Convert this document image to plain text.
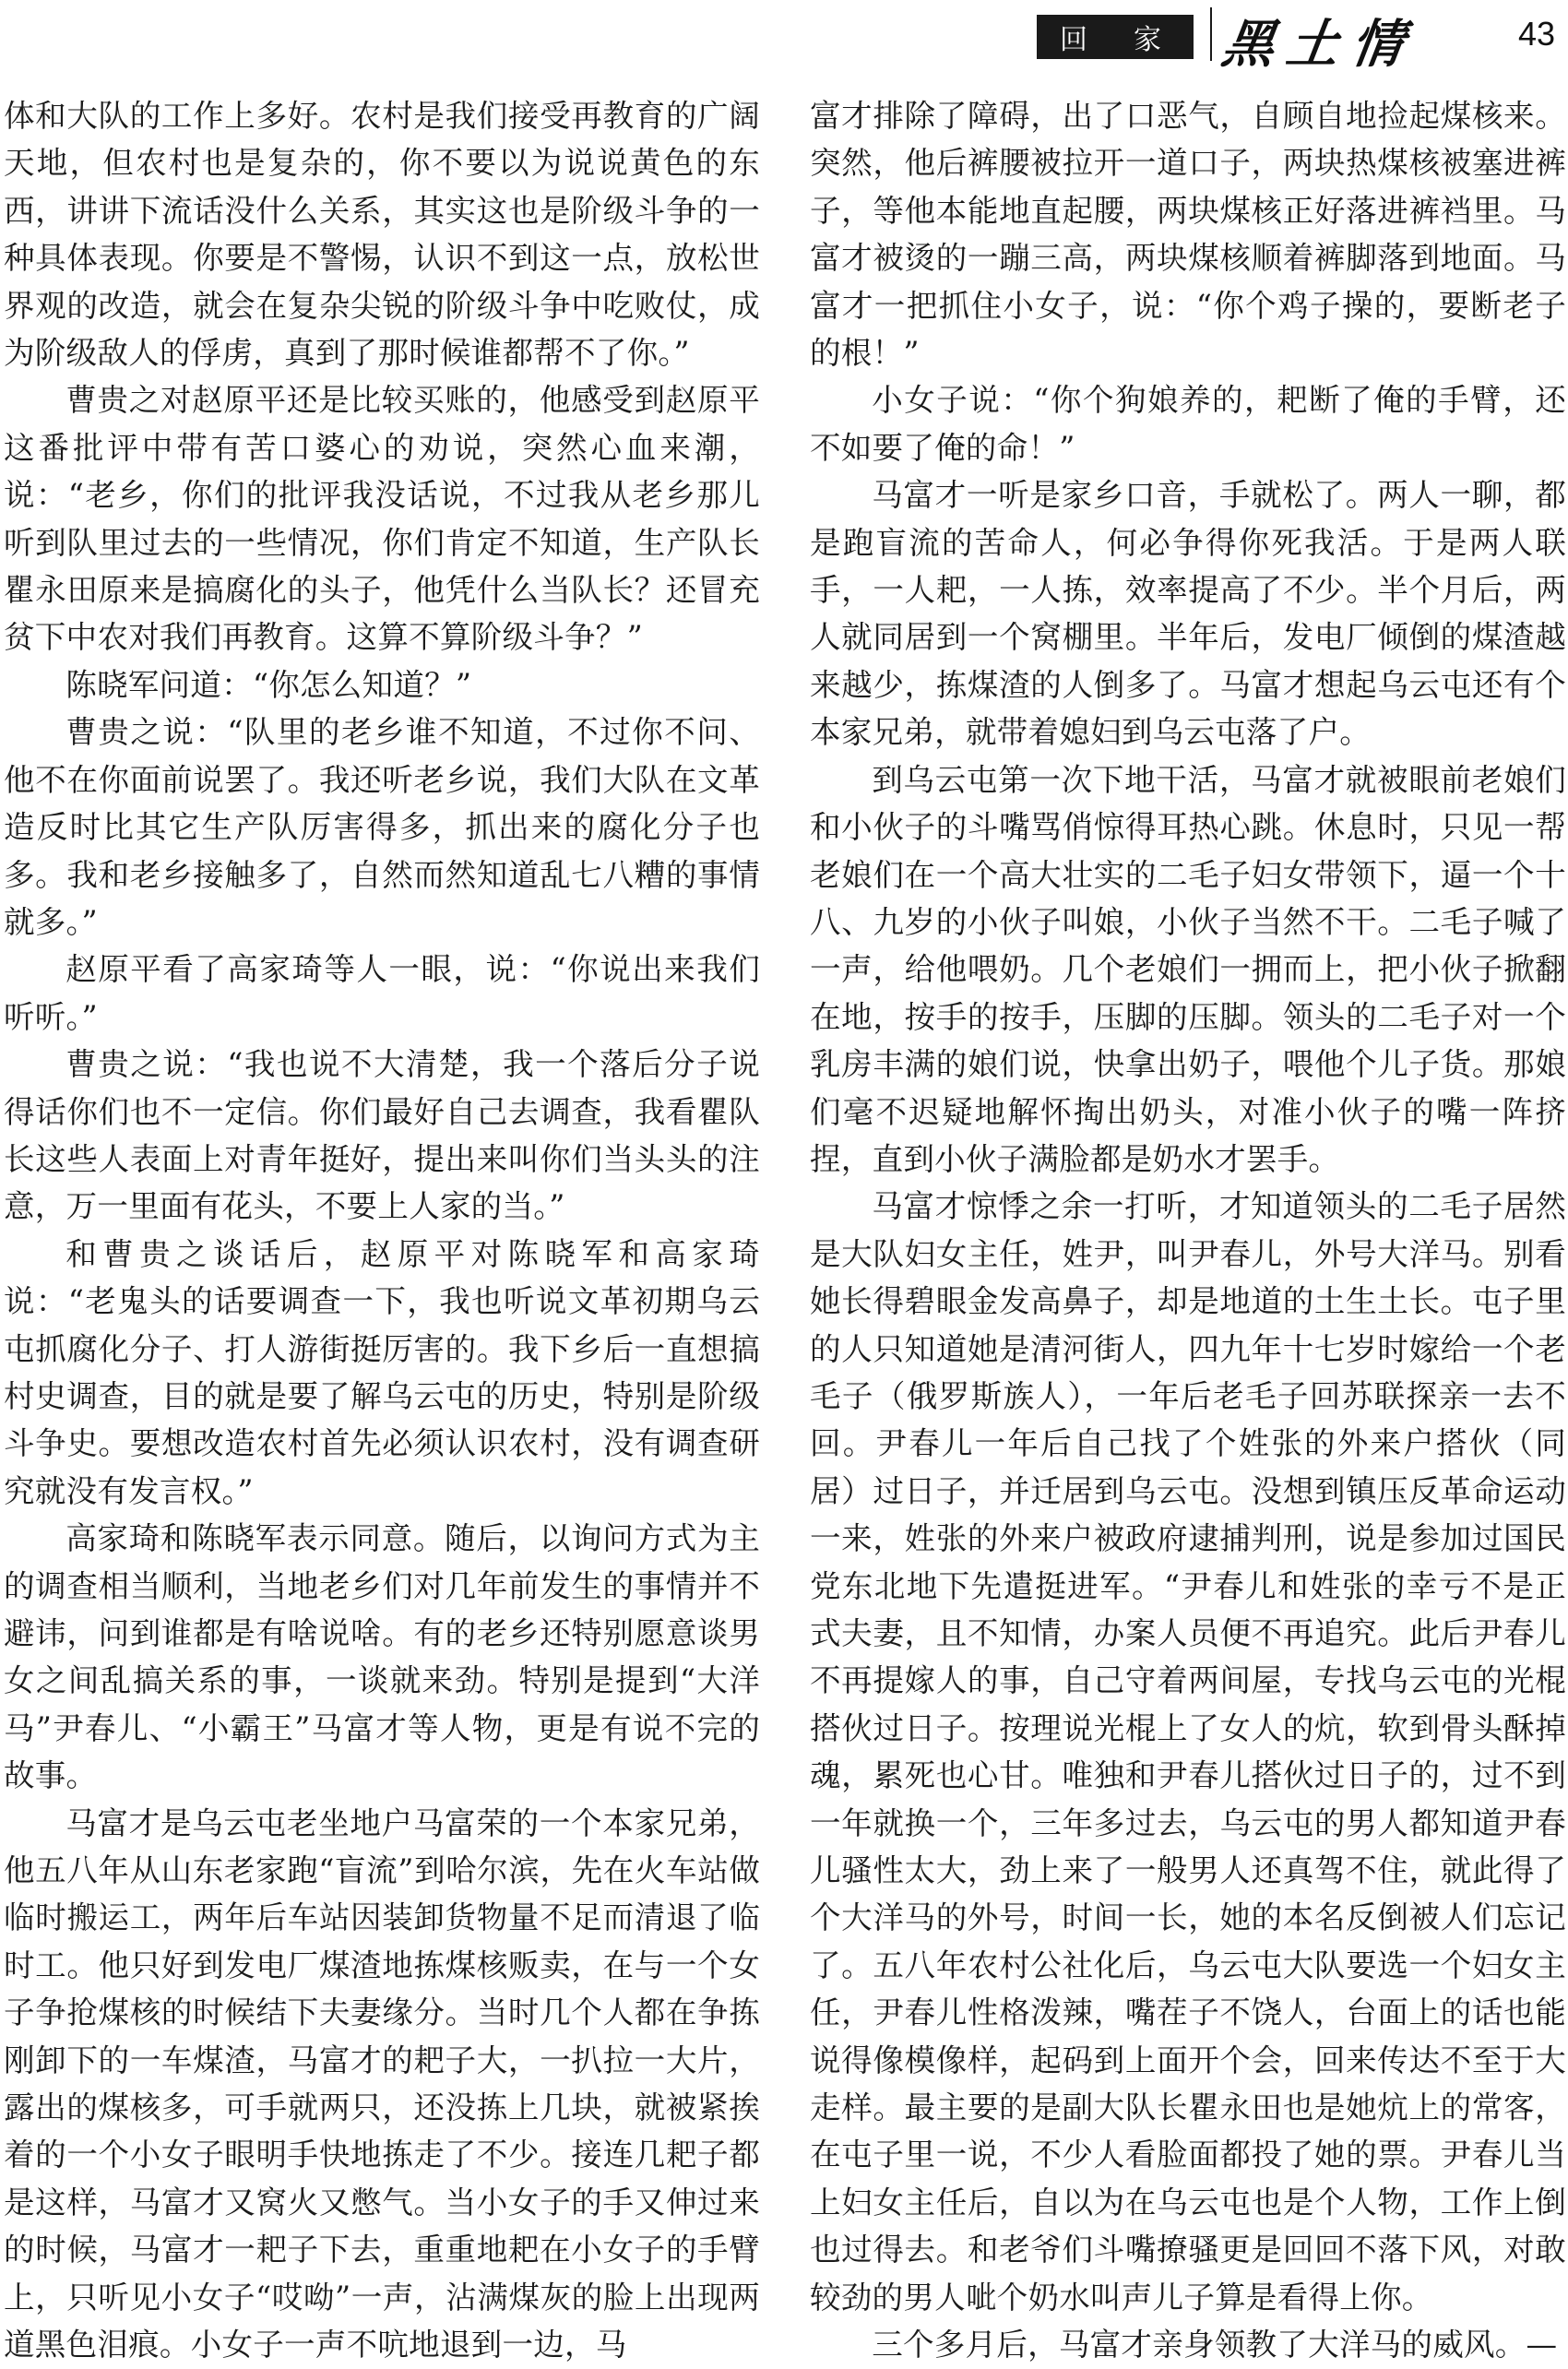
回　家 黑土情	43

体和大队的工作上多好。农村是我们接受再教育的广阔天地，但农村也是复杂的，你不要以为说说黄色的东西，讲讲下流话没什么关系，其实这也是阶级斗争的一种具体表现。你要是不警惕，认识不到这一点，放松世界观的改造，就会在复杂尖锐的阶级斗争中吃败仗，成为阶级敌人的俘虏，真到了那时候谁都帮不了你。”

曹贵之对赵原平还是比较买账的，他感受到赵原平这番批评中带有苦口婆心的劝说，突然心血来潮，说：“老乡，你们的批评我没话说，不过我从老乡那儿听到队里过去的一些情况，你们肯定不知道，生产队长瞿永田原来是搞腐化的头子，他凭什么当队长？还冒充贫下中农对我们再教育。这算不算阶级斗争？”

陈晓军问道：“你怎么知道？”

曹贵之说：“队里的老乡谁不知道，不过你不问、他不在你面前说罢了。我还听老乡说，我们大队在文革造反时比其它生产队厉害得多，抓出来的腐化分子也多。我和老乡接触多了，自然而然知道乱七八糟的事情就多。”

赵原平看了高家琦等人一眼，说：“你说出来我们听听。”

曹贵之说：“我也说不大清楚，我一个落后分子说得话你们也不一定信。你们最好自己去调查，我看瞿队长这些人表面上对青年挺好，提出来叫你们当头头的注意，万一里面有花头，不要上人家的当。”

和曹贵之谈话后，赵原平对陈晓军和高家琦说：“老鬼头的话要调查一下，我也听说文革初期乌云屯抓腐化分子、打人游街挺厉害的。我下乡后一直想搞村史调查，目的就是要了解乌云屯的历史，特别是阶级斗争史。要想改造农村首先必须认识农村，没有调查研究就没有发言权。”

高家琦和陈晓军表示同意。随后，以询问方式为主的调查相当顺利，当地老乡们对几年前发生的事情并不避讳，问到谁都是有啥说啥。有的老乡还特别愿意谈男女之间乱搞关系的事，一谈就来劲。特别是提到“大洋马”尹春儿、“小霸王”马富才等人物，更是有说不完的故事。

马富才是乌云屯老坐地户马富荣的一个本家兄弟，他五八年从山东老家跑“盲流”到哈尔滨，先在火车站做临时搬运工，两年后车站因装卸货物量不足而清退了临时工。他只好到发电厂煤渣地拣煤核贩卖，在与一个女子争抢煤核的时候结下夫妻缘分。当时几个人都在争拣刚卸下的一车煤渣，马富才的耙子大，一扒拉一大片，露出的煤核多，可手就两只，还没拣上几块，就被紧挨着的一个小女子眼明手快地拣走了不少。接连几耙子都是这样，马富才又窝火又憋气。当小女子的手又伸过来的时候，马富才一耙子下去，重重地耙在小女子的手臂上，只听见小女子“哎呦”一声，沾满煤灰的脸上出现两道黑色泪痕。小女子一声不吭地退到一边，马

富才排除了障碍，出了口恶气，自顾自地捡起煤核来。突然，他后裤腰被拉开一道口子，两块热煤核被塞进裤子，等他本能地直起腰，两块煤核正好落进裤裆里。马富才被烫的一蹦三高，两块煤核顺着裤脚落到地面。马富才一把抓住小女子，说：“你个鸡子操的，要断老子的根！”

小女子说：“你个狗娘养的，耙断了俺的手臂，还不如要了俺的命！”

马富才一听是家乡口音，手就松了。两人一聊，都是跑盲流的苦命人，何必争得你死我活。于是两人联手，一人耙，一人拣，效率提高了不少。半个月后，两人就同居到一个窝棚里。半年后，发电厂倾倒的煤渣越来越少，拣煤渣的人倒多了。马富才想起乌云屯还有个本家兄弟，就带着媳妇到乌云屯落了户。

到乌云屯第一次下地干活，马富才就被眼前老娘们和小伙子的斗嘴骂俏惊得耳热心跳。休息时，只见一帮老娘们在一个高大壮实的二毛子妇女带领下，逼一个十八、九岁的小伙子叫娘，小伙子当然不干。二毛子喊了一声，给他喂奶。几个老娘们一拥而上，把小伙子掀翻在地，按手的按手，压脚的压脚。领头的二毛子对一个乳房丰满的娘们说，快拿出奶子，喂他个儿子货。那娘们毫不迟疑地解怀掏出奶头，对准小伙子的嘴一阵挤捏，直到小伙子满脸都是奶水才罢手。

马富才惊悸之余一打听，才知道领头的二毛子居然是大队妇女主任，姓尹，叫尹春儿，外号大洋马。别看她长得碧眼金发高鼻子，却是地道的土生土长。屯子里的人只知道她是清河街人，四九年十七岁时嫁给一个老毛子（俄罗斯族人），一年后老毛子回苏联探亲一去不回。尹春儿一年后自己找了个姓张的外来户搭伙（同居）过日子，并迁居到乌云屯。没想到镇压反革命运动一来，姓张的外来户被政府逮捕判刑，说是参加过国民党东北地下先遣挺进军。“尹春儿和姓张的幸亏不是正式夫妻，且不知情，办案人员便不再追究。此后尹春儿不再提嫁人的事，自己守着两间屋，专找乌云屯的光棍搭伙过日子。按理说光棍上了女人的炕，软到骨头酥掉魂，累死也心甘。唯独和尹春儿搭伙过日子的，过不到一年就换一个，三年多过去，乌云屯的男人都知道尹春儿骚性太大，劲上来了一般男人还真驾不住，就此得了个大洋马的外号，时间一长，她的本名反倒被人们忘记了。五八年农村公社化后，乌云屯大队要选一个妇女主任，尹春儿性格泼辣，嘴茬子不饶人，台面上的话也能说得像模像样，起码到上面开个会，回来传达不至于大走样。最主要的是副大队长瞿永田也是她炕上的常客，在屯子里一说，不少人看脸面都投了她的票。尹春儿当上妇女主任后，自以为在乌云屯也是个人物，工作上倒也过得去。和老爷们斗嘴撩骚更是回回不落下风，对敢较劲的男人呲个奶水叫声儿子算是看得上你。

三个多月后，马富才亲身领教了大洋马的威风。—
